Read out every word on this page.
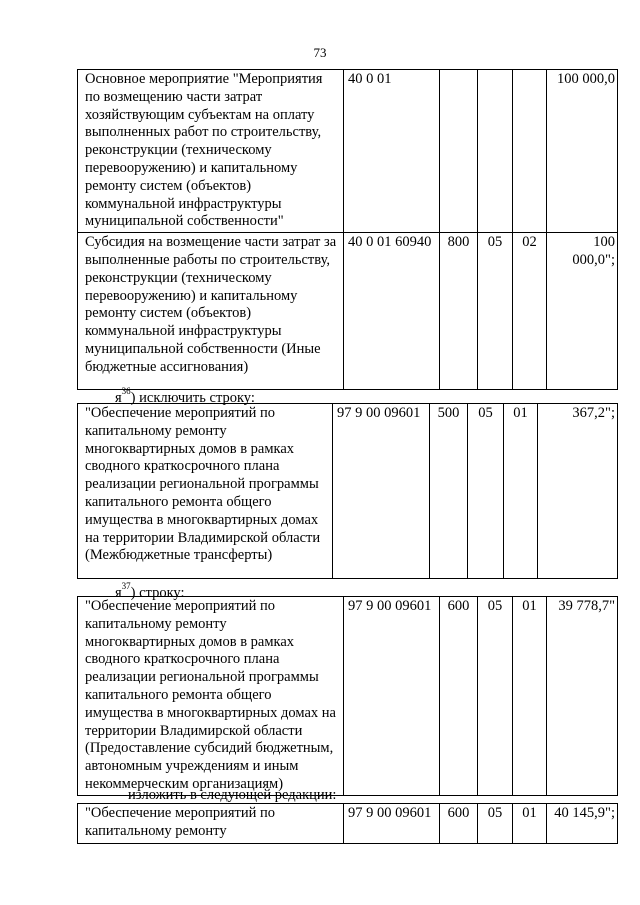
73
Основное мероприятие "Мероприятия по возмещению части затрат хозяйствующим субъектам на оплату выполненных работ по строительству, реконструкции (техническому перевооружению) и капитальному ремонту систем (объектов) коммунальной инфраструктуры муниципальной собственности"	40 0 01				100 000,0
Субсидия на возмещение части затрат за выполненные работы по строительству, реконструкции (техническому перевооружению) и капитальному ремонту систем (объектов) коммунальной инфраструктуры муниципальной собственности (Иные бюджетные ассигнования)	40 0 01 60940	800	05	02	100 000,0";
$я^{36}$) исключить строку:
"Обеспечение мероприятий по капитальному ремонту многоквартирных домов в рамках сводного краткосрочного плана реализации региональной программы капитального ремонта общего имущества в многоквартирных домах на территории Владимирской области (Межбюджетные трансферты)	97 9 00 09601	500	05	01	367,2";
$я^{37}$) строку:
"Обеспечение мероприятий по капитальному ремонту многоквартирных домов в рамках сводного краткосрочного плана реализации региональной программы капитального ремонта общего имущества в многоквартирных домах на территории Владимирской области (Предоставление субсидий бюджетным, автономным учреждениям и иным некоммерческим организациям)	97 9 00 09601	600	05	01	39 778,7"
изложить в следующей редакции:
"Обеспечение мероприятий по капитальному ремонту	97 9 00 09601	600	05	01	40 145,9";
